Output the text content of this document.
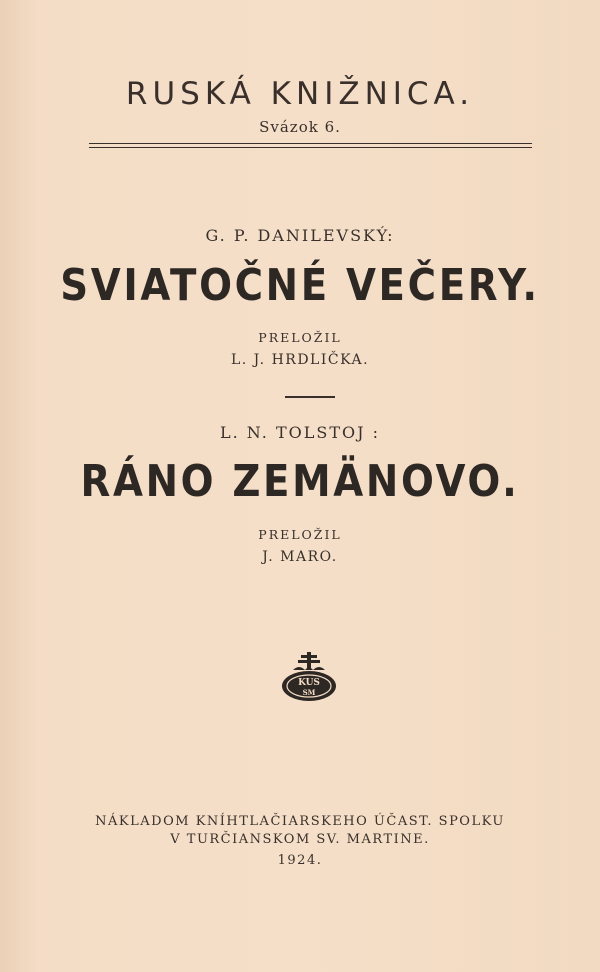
RUSKÁ KNIŽNICA.
Svázok 6.
G. P. DANILEVSKÝ:
SVIATOČNÉ VEČERY.
PRELOŽIL
L. J. HRDLIČKA.
L. N. TOLSTOJ :
RÁNO ZEMÄNOVO.
PRELOŽIL
J. MARO.
KUS
SM
NÁKLADOM KNÍHTLAČIARSKEHO ÚČAST. SPOLKU
V TURČIANSKOM SV. MARTINE.
1924.
